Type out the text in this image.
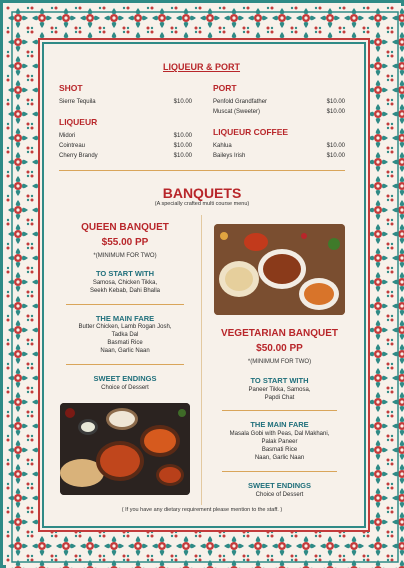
LIQUEUR & PORT
SHOT
Sierre Tequila	$10.00
LIQUEUR
Midori	$10.00
Cointreau	$10.00
Cherry Brandy	$10.00
PORT
Penfold Grandfather	$10.00
Muscat (Sweeter)	$10.00
LIQUEUR COFFEE
Kahlua	$10.00
Baileys Irish	$10.00
BANQUETS
(A specially crafted multi course menu)
QUEEN BANQUET
$55.00 PP
*(MINIMUM FOR TWO)
TO START WITH
Samosa, Chicken Tikka,
Seekh Kebab, Dahi Bhalla
THE MAIN FARE
Butter Chicken, Lamb Rogan Josh,
Tadka Dal
Basmati Rice
Naan, Garlic Naan
SWEET ENDINGS
Choice of Dessert
VEGETARIAN BANQUET
$50.00 PP
*(MINIMUM FOR TWO)
TO START WITH
Paneer Tikka, Samosa,
Papdi Chat
THE MAIN FARE
Masala Gobi with Peas, Dal Makhani,
Palak Paneer
Basmati Rice
Naan, Garlic Naan
SWEET ENDINGS
Choice of Dessert
( If you have any dietary requirement please mention to the staff. )
